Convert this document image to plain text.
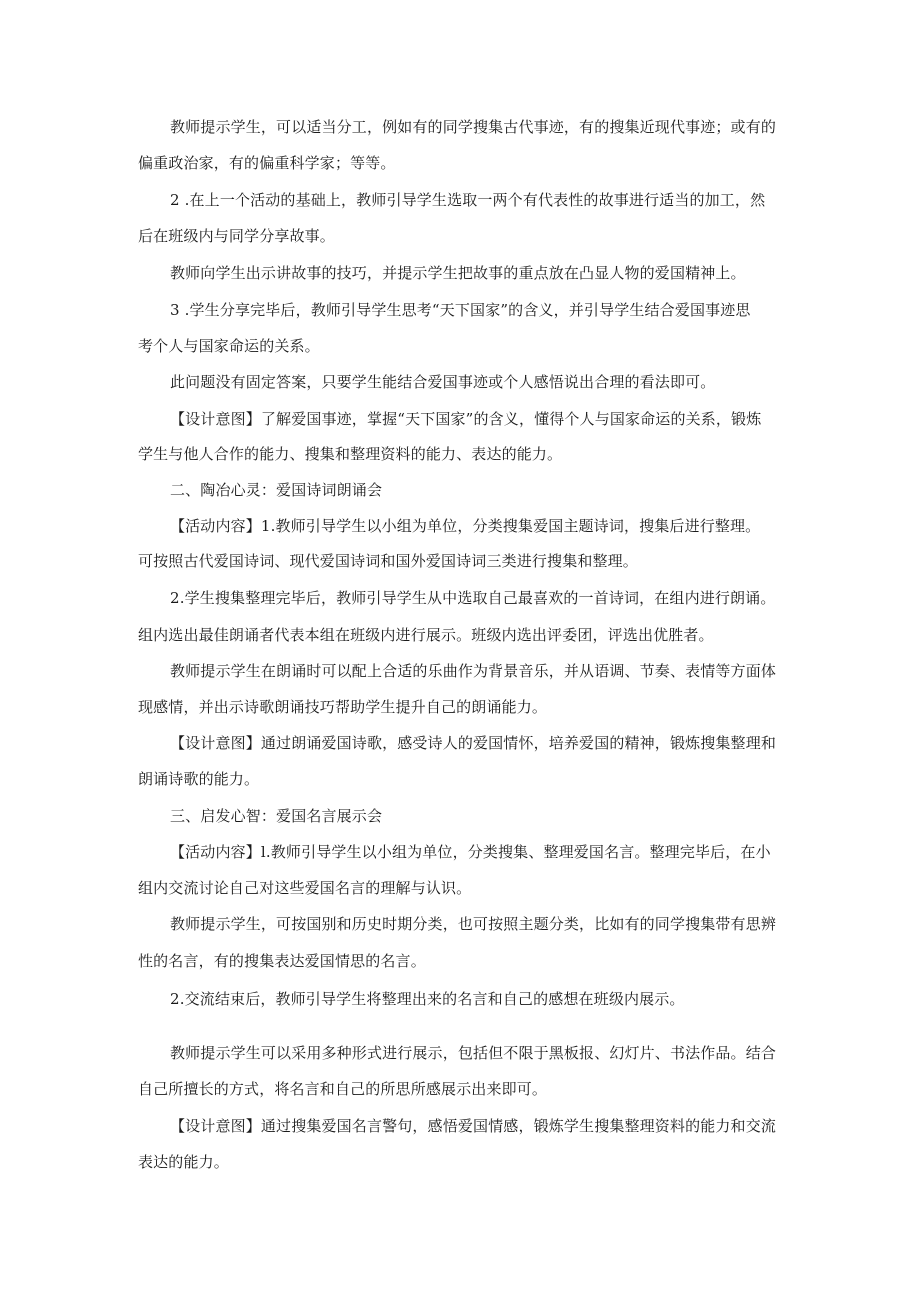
教师提示学生，可以适当分工，例如有的同学搜集古代事迹，有的搜集近现代事迹；或有的
偏重政治家，有的偏重科学家；等等。
2 .在上一个活动的基础上，教师引导学生选取一两个有代表性的故事进行适当的加工，然
后在班级内与同学分享故事。
教师向学生出示讲故事的技巧，并提示学生把故事的重点放在凸显人物的爱国精神上。
3 .学生分享完毕后，教师引导学生思考“天下国家”的含义，并引导学生结合爱国事迹思
考个人与国家命运的关系。
此问题没有固定答案，只要学生能结合爱国事迹或个人感悟说出合理的看法即可。
【设计意图】了解爱国事迹，掌握“天下国家”的含义，懂得个人与国家命运的关系，锻炼
学生与他人合作的能力、搜集和整理资料的能力、表达的能力。
二、陶冶心灵：爱国诗词朗诵会
【活动内容】1.教师引导学生以小组为单位，分类搜集爱国主题诗词，搜集后进行整理。
可按照古代爱国诗词、现代爱国诗词和国外爱国诗词三类进行搜集和整理。
2.学生搜集整理完毕后，教师引导学生从中选取自己最喜欢的一首诗词，在组内进行朗诵。
组内选出最佳朗诵者代表本组在班级内进行展示。班级内选出评委团，评选出优胜者。
教师提示学生在朗诵时可以配上合适的乐曲作为背景音乐，并从语调、节奏、表情等方面体
现感情，并出示诗歌朗诵技巧帮助学生提升自己的朗诵能力。
【设计意图】通过朗诵爱国诗歌，感受诗人的爱国情怀，培养爱国的精神，锻炼搜集整理和
朗诵诗歌的能力。
三、启发心智：爱国名言展示会
【活动内容】l.教师引导学生以小组为单位，分类搜集、整理爱国名言。整理完毕后，在小
组内交流讨论自己对这些爱国名言的理解与认识。
教师提示学生，可按国别和历史时期分类，也可按照主题分类，比如有的同学搜集带有思辨
性的名言，有的搜集表达爱国情思的名言。
2.交流结束后，教师引导学生将整理出来的名言和自己的感想在班级内展示。
教师提示学生可以采用多种形式进行展示，包括但不限于黑板报、幻灯片、书法作品。结合
自己所擅长的方式，将名言和自己的所思所感展示出来即可。
【设计意图】通过搜集爱国名言警句，感悟爱国情感，锻炼学生搜集整理资料的能力和交流
表达的能力。
